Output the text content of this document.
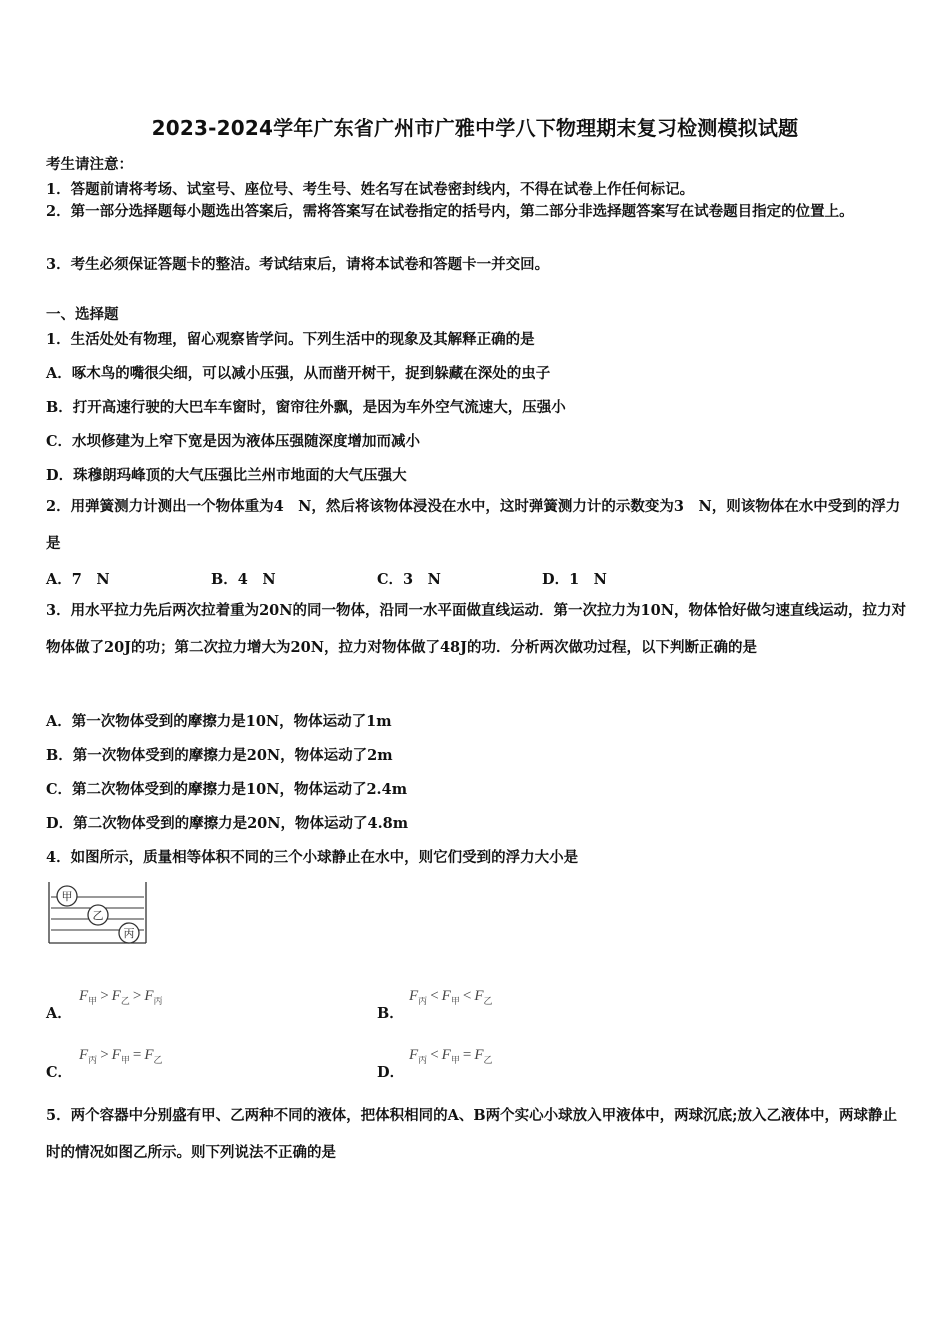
2023-2024学年广东省广州市广雅中学八下物理期末复习检测模拟试题
考生请注意：
1．答题前请将考场、试室号、座位号、考生号、姓名写在试卷密封线内，不得在试卷上作任何标记。
2．第一部分选择题每小题选出答案后，需将答案写在试卷指定的括号内，第二部分非选择题答案写在试卷题目指定的位置上。
3．考生必须保证答题卡的整洁。考试结束后，请将本试卷和答题卡一并交回。
一、选择题
1．生活处处有物理，留心观察皆学问。下列生活中的现象及其解释正确的是
A．啄木鸟的嘴很尖细，可以减小压强，从而凿开树干，捉到躲藏在深处的虫子
B．打开高速行驶的大巴车车窗时，窗帘往外飘，是因为车外空气流速大，压强小
C．水坝修建为上窄下宽是因为液体压强随深度增加而减小
D．珠穆朗玛峰顶的大气压强比兰州市地面的大气压强大
2．用弹簧测力计测出一个物体重为4　N，然后将该物体浸没在水中，这时弹簧测力计的示数变为3　N，则该物体在水中受到的浮力是
A．7　N	B．4　N	C．3　N	D．1　N
3．用水平拉力先后两次拉着重为20N的同一物体，沿同一水平面做直线运动．第一次拉力为10N，物体恰好做匀速直线运动，拉力对物体做了20J的功；第二次拉力增大为20N，拉力对物体做了48J的功．分析两次做功过程，以下判断正确的是
A．第一次物体受到的摩擦力是10N，物体运动了1m
B．第一次物体受到的摩擦力是20N，物体运动了2m
C．第二次物体受到的摩擦力是10N，物体运动了2.4m
D．第二次物体受到的摩擦力是20N，物体运动了4.8m
4．如图所示，质量相等体积不同的三个小球静止在水中，则它们受到的浮力大小是
甲
乙
丙
A．
$F_甲 > F_乙 > F_丙$
B．
$F_丙 < F_甲 < F_乙$
C．
$F_丙 > F_甲 = F_乙$
D．
$F_丙 < F_甲 = F_乙$
5．两个容器中分别盛有甲、乙两种不同的液体，把体积相同的A、B两个实心小球放入甲液体中，两球沉底;放入乙液体中，两球静止时的情况如图乙所示。则下列说法不正确的是
